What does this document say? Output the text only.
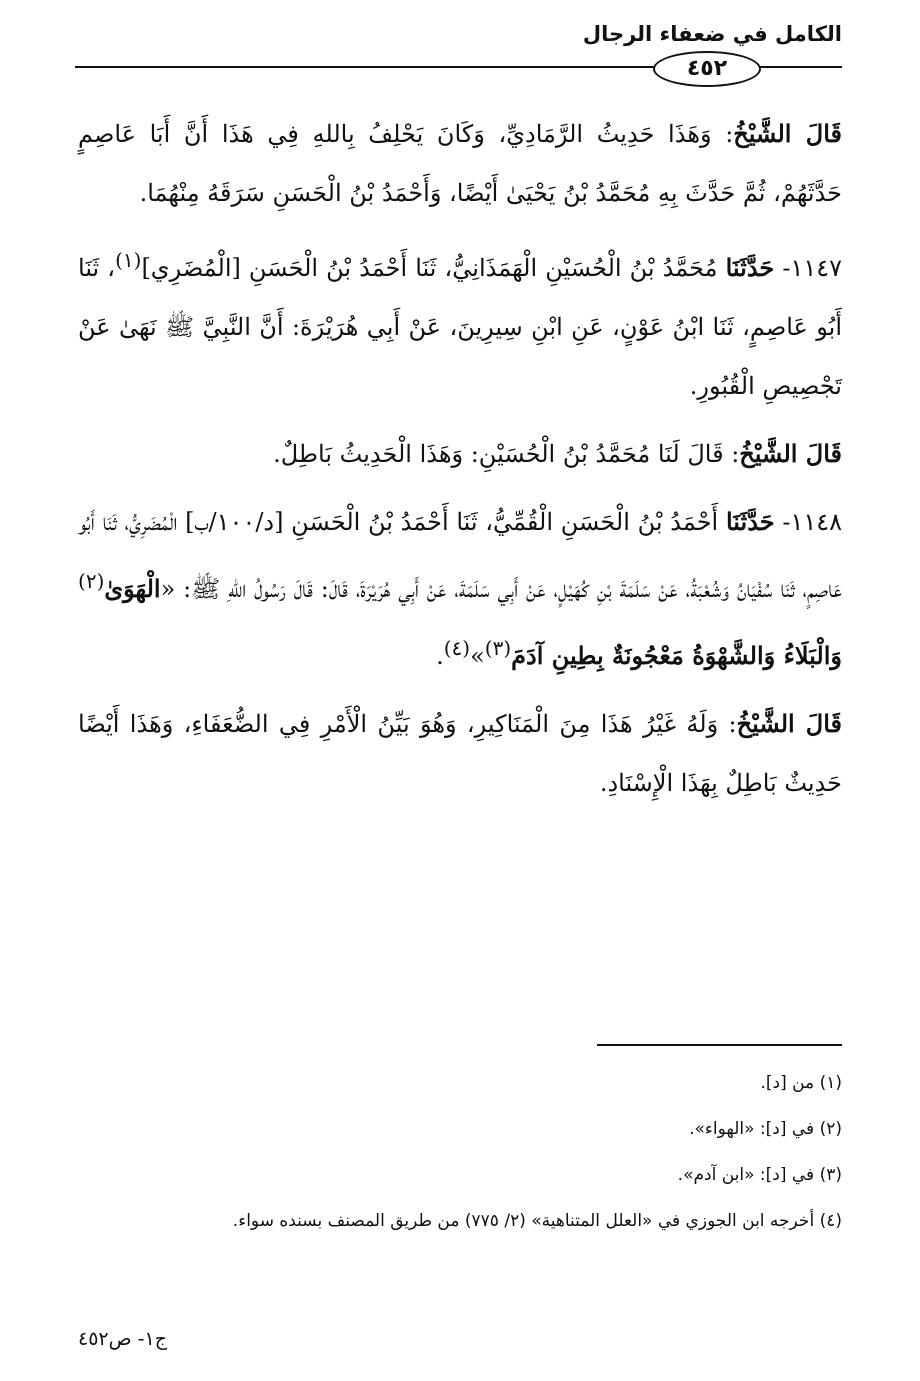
الكامل في ضعفاء الرجال
٤٥٢

قَالَ الشَّيْخُ: وَهَذَا حَدِيثُ الرَّمَادِيِّ، وَكَانَ يَحْلِفُ بِاللهِ فِي هَذَا أَنَّ أَبَا عَاصِمٍ حَدَّثَهُمْ، ثُمَّ حَدَّثَ بِهِ مُحَمَّدُ بْنُ يَحْيَىٰ أَيْضًا، وَأَحْمَدُ بْنُ الْحَسَنِ سَرَقَهُ مِنْهُمَا.

١١٤٧- حَدَّثَنَا مُحَمَّدُ بْنُ الْحُسَيْنِ الْهَمَذَانِيُّ، ثَنَا أَحْمَدُ بْنُ الْحَسَنِ [الْمُضَرِي]$^{(١)}$، ثَنَا أَبُو عَاصِمٍ، ثَنَا ابْنُ عَوْنٍ، عَنِ ابْنِ سِيرِينَ، عَنْ أَبِي هُرَيْرَةَ: أَنَّ النَّبِيَّ ﷺ نَهَىٰ عَنْ تَجْصِيصِ الْقُبُورِ.

قَالَ الشَّيْخُ: قَالَ لَنَا مُحَمَّدُ بْنُ الْحُسَيْنِ: وَهَذَا الْحَدِيثُ بَاطِلٌ.

١١٤٨- حَدَّثَنَا أَحْمَدُ بْنُ الْحَسَنِ الْقُمِّيُّ، ثَنَا أَحْمَدُ بْنُ الْحَسَنِ [د/١٠٠/ب] الْمُضَرِيُّ، ثَنَا أَبُو عَاصِمٍ، ثَنَا سُفْيَانُ وَشُعْبَةُ، عَنْ سَلَمَةَ بْنِ كُهَيْلٍ، عَنْ أَبِي سَلَمَةَ، عَنْ أَبِي هُرَيْرَةَ، قَالَ: قَالَ رَسُولُ اللهِ ﷺ: «الْهَوَىٰ$^{(٢)}$ وَالْبَلَاءُ وَالشَّهْوَةُ مَعْجُونَةٌ بِطِينِ آدَمَ$^{(٣)}$»$^{(٤)}$.

قَالَ الشَّيْخُ: وَلَهُ غَيْرُ هَذَا مِنَ الْمَنَاكِيرِ، وَهُوَ بَيِّنُ الْأَمْرِ فِي الضُّعَفَاءِ، وَهَذَا أَيْضًا حَدِيثٌ بَاطِلٌ بِهَذَا الْإِسْنَادِ.

(١) من [د].

(٢) في [د]: «الهواء».

(٣) في [د]: «ابن آدم».

(٤) أخرجه ابن الجوزي في «العلل المتناهية» (٢/ ٧٧٥) من طريق المصنف بسنده سواء.

ج١- ص٤٥٢
